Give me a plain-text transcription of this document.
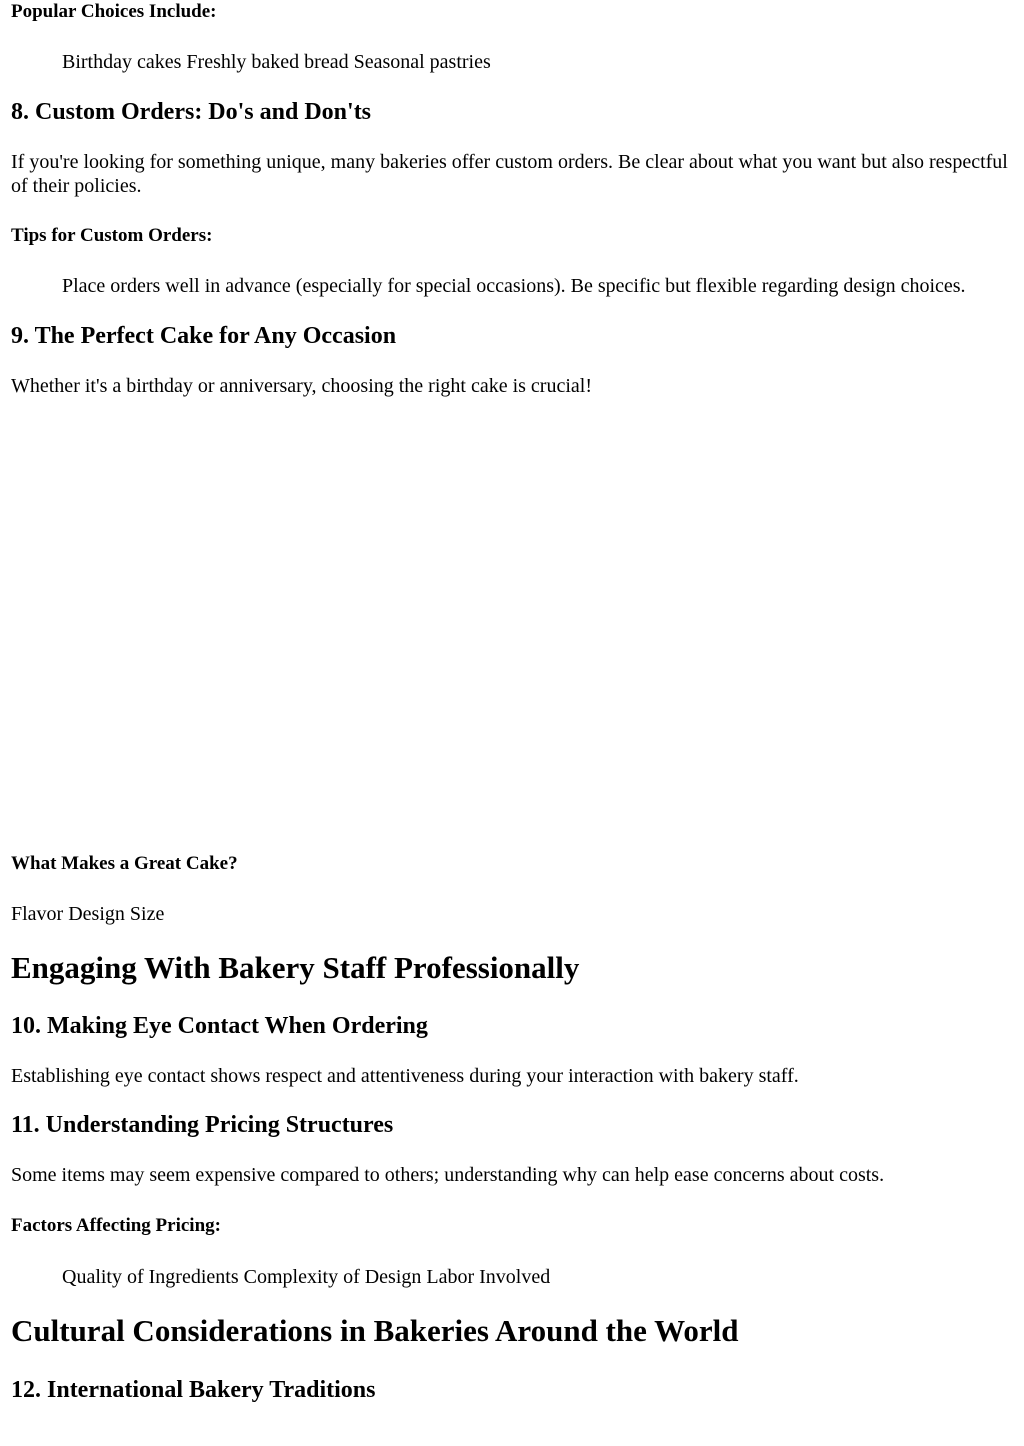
Popular Choices Include:
Birthday cakes Freshly baked bread Seasonal pastries
8. Custom Orders: Do's and Don'ts

If you're looking for something unique, many bakeries offer custom orders. Be clear about what you want but also respectful of their policies.

Tips for Custom Orders:
Place orders well in advance (especially for special occasions). Be specific but flexible regarding design choices.
9. The Perfect Cake for Any Occasion

Whether it's a birthday or anniversary, choosing the right cake is crucial!

What Makes a Great Cake?

Flavor Design Size

Engaging With Bakery Staff Professionally
10. Making Eye Contact When Ordering

Establishing eye contact shows respect and attentiveness during your interaction with bakery staff.

11. Understanding Pricing Structures

Some items may seem expensive compared to others; understanding why can help ease concerns about costs.

Factors Affecting Pricing:
Quality of Ingredients Complexity of Design Labor Involved
Cultural Considerations in Bakeries Around the World
12. International Bakery Traditions
